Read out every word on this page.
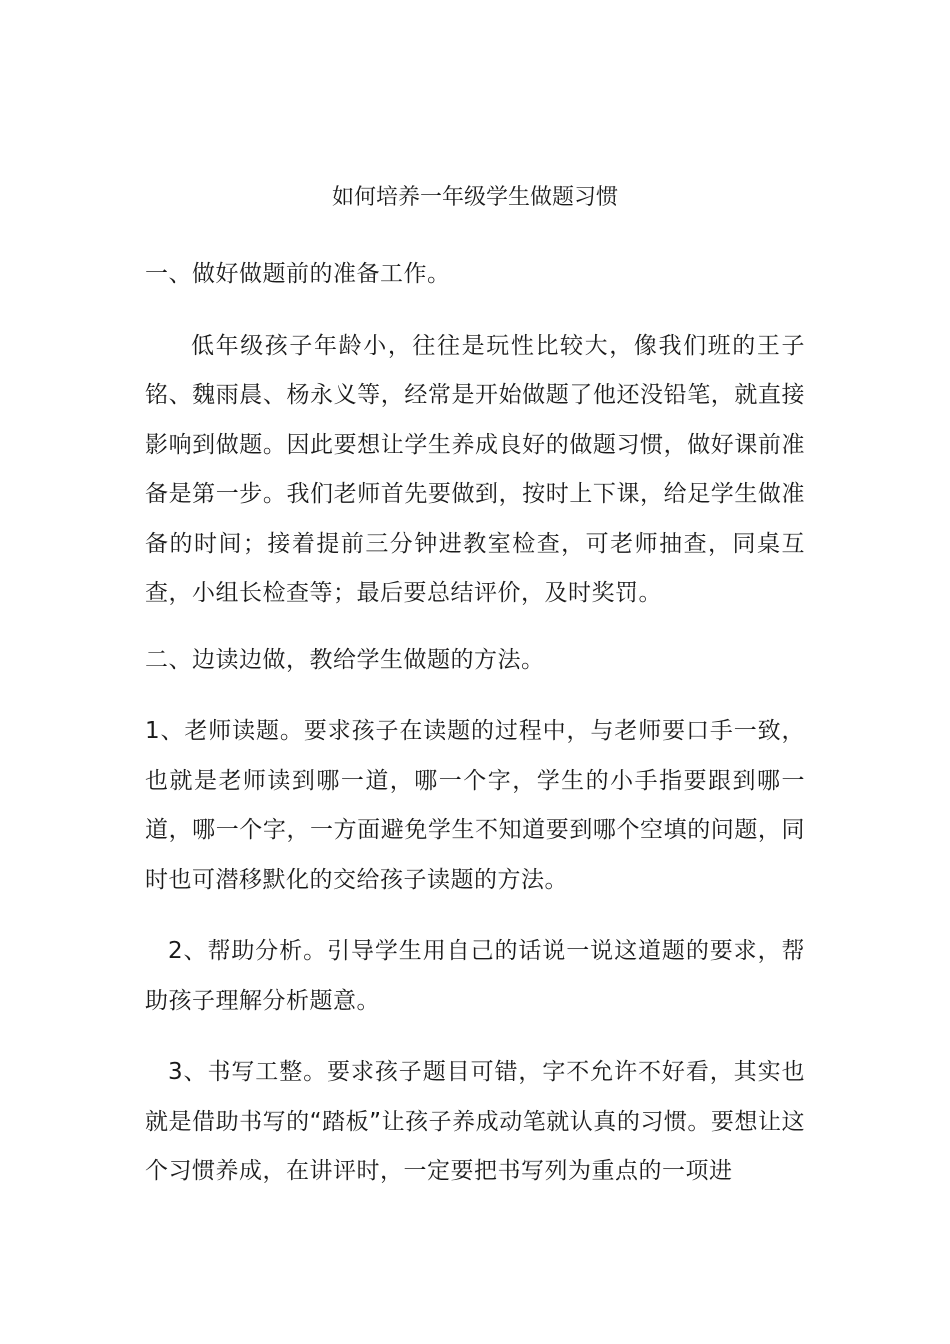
如何培养一年级学生做题习惯

一、做好做题前的准备工作。

低年级孩子年龄小，往往是玩性比较大，像我们班的王子铭、魏雨晨、杨永义等，经常是开始做题了他还没铅笔，就直接影响到做题。因此要想让学生养成良好的做题习惯，做好课前准备是第一步。我们老师首先要做到，按时上下课，给足学生做准备的时间；接着提前三分钟进教室检查，可老师抽查，同桌互查，小组长检查等；最后要总结评价，及时奖罚。

二、边读边做，教给学生做题的方法。

1、老师读题。要求孩子在读题的过程中，与老师要口手一致，也就是老师读到哪一道，哪一个字，学生的小手指要跟到哪一道，哪一个字，一方面避免学生不知道要到哪个空填的问题，同时也可潜移默化的交给孩子读题的方法。

2、帮助分析。引导学生用自己的话说一说这道题的要求，帮助孩子理解分析题意。

3、书写工整。要求孩子题目可错，字不允许不好看，其实也就是借助书写的“踏板”让孩子养成动笔就认真的习惯。要想让这个习惯养成，在讲评时，一定要把书写列为重点的一项进
